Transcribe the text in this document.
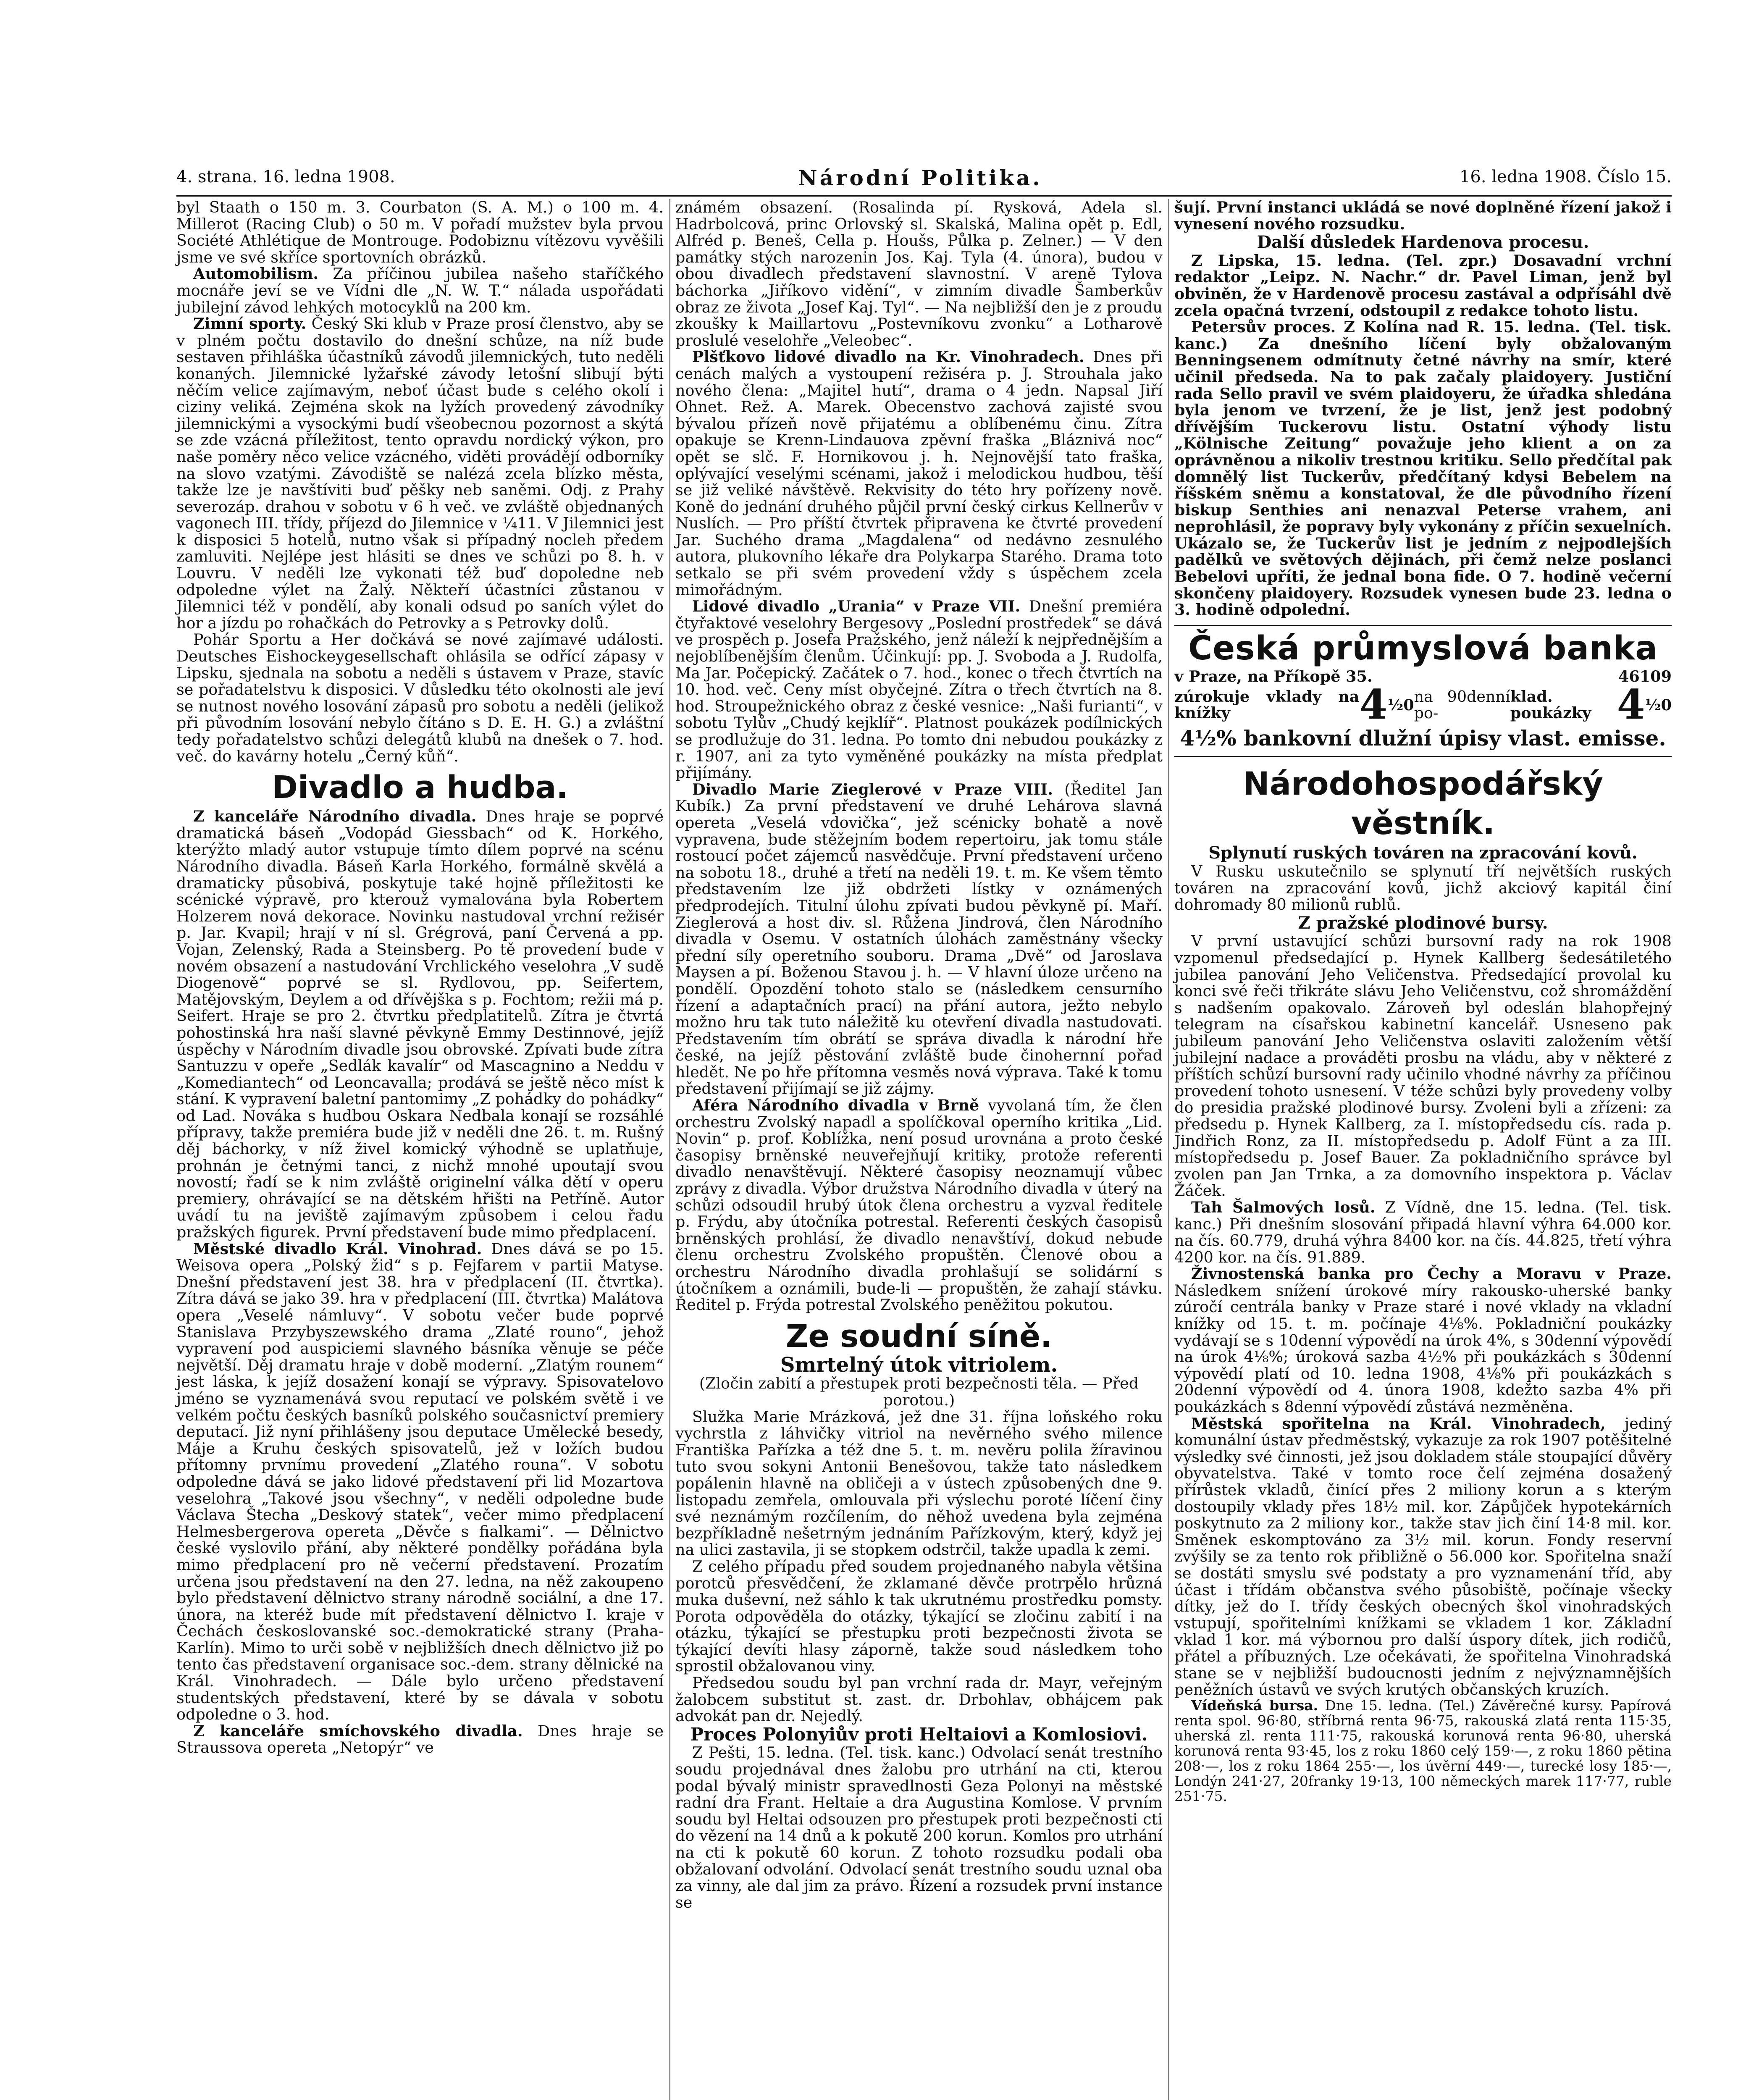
4. strana. 16. ledna 1908.	Národní Politika.	16. ledna 1908. Číslo 15.

byl Staath o 150 m. 3. Courbaton (S. A. M.) o 100 m. 4. Millerot (Racing Club) o 50 m. V pořadí mužstev byla prvou Société Athlétique de Montrouge. Podobiznu vítězovu vyvěšili jsme ve své skříce sportovních obrázků.

Automobilism. Za příčinou jubilea našeho staříčkého mocnáře jeví se ve Vídni dle „N. W. T.“ nálada uspořádati jubilejní závod lehkých motocyklů na 200 km.

Zimní sporty. Český Ski klub v Praze prosí členstvo, aby se v plném počtu dostavilo do dnešní schůze, na níž bude sestaven přihláška účastníků závodů jilemnických, tuto neděli konaných. Jilemnické lyžařské závody letošní slibují býti něčím velice zajímavým, neboť účast bude s celého okolí i ciziny veliká. Zejména skok na lyžích provedený závodníky jilemnickými a vysockými budí všeobecnou pozornost a skýtá se zde vzácná příležitost, tento opravdu nordický výkon, pro naše poměry něco velice vzácného, viděti provádějí odborníky na slovo vzatými. Závodiště se nalézá zcela blízko města, takže lze je navštíviti buď pěšky neb saněmi. Odj. z Prahy severozáp. drahou v sobotu v 6 h več. ve zvláště objednaných vagonech III. třídy, příjezd do Jilemnice v ¼11. V Jilemnici jest k disposici 5 hotelů, nutno však si případný nocleh předem zamluviti. Nejlépe jest hlásiti se dnes ve schůzi po 8. h. v Louvru. V neděli lze vykonati též buď dopoledne neb odpoledne výlet na Žalý. Někteří účastníci zůstanou v Jilemnici též v pondělí, aby konali odsud po saních výlet do hor a jízdu po rohačkách do Petrovky a s Petrovky dolů.

Pohár Sportu a Her dočkává se nové zajímavé události. Deutsches Eishockeygesellschaft ohlásila se odřící zápasy v Lipsku, sjednala na sobotu a neděli s ústavem v Praze, stavíc se pořadatelstvu k disposici. V důsledku této okolnosti ale jeví se nutnost nového losování zápasů pro sobotu a neděli (jelikož při původním losování nebylo čítáno s D. E. H. G.) a zvláštní tedy pořadatelstvo schůzi delegátů klubů na dnešek o 7. hod. več. do kavárny hotelu „Černý kůň“.

Divadlo a hudba.

Z kanceláře Národního divadla. Dnes hraje se poprvé dramatická báseň „Vodopád Giessbach“ od K. Horkého, kterýžto mladý autor vstupuje tímto dílem poprvé na scénu Národního divadla. Báseň Karla Horkého, formálně skvělá a dramaticky působivá, poskytuje také hojně příležitosti ke scénické výpravě, pro kterouž vymalována byla Robertem Holzerem nová dekorace. Novinku nastudoval vrchní režisér p. Jar. Kvapil; hrají v ní sl. Grégrová, paní Červená a pp. Vojan, Zelenský, Rada a Steinsberg. Po tě provedení bude v novém obsazení a nastudování Vrchlického veselohra „V sudě Diogenově“ poprvé se sl. Rydlovou, pp. Seifertem, Matějovským, Deylem a od dřívějška s p. Fochtom; režii má p. Seifert. Hraje se pro 2. čtvrtku předplatitelů. Zítra je čtvrtá pohostinská hra naší slavné pěvkyně Emmy Destinnové, jejíž úspěchy v Národním divadle jsou obrovské. Zpívati bude zítra Santuzzu v opeře „Sedlák kavalír“ od Mascagnino a Neddu v „Komediantech“ od Leoncavalla; prodává se ještě něco míst k stání. K vypravení baletní pantomimy „Z pohádky do pohádky“ od Lad. Nováka s hudbou Oskara Nedbala konají se rozsáhlé přípravy, takže premiéra bude již v neděli dne 26. t. m. Rušný děj báchorky, v níž živel komický výhodně se uplatňuje, prohnán je četnými tanci, z nichž mnohé upoutají svou novostí; řadí se k nim zvláště originelní válka dětí v operu premiery, ohrávající se na dětském hřišti na Petříně. Autor uvádí tu na jeviště zajímavým způsobem i celou řadu pražských figurek. První představení bude mimo předplacení.

Městské divadlo Král. Vinohrad. Dnes dává se po 15. Weisova opera „Polský žid“ s p. Fejfarem v partii Matyse. Dnešní představení jest 38. hra v předplacení (II. čtvrtka). Zítra dává se jako 39. hra v předplacení (III. čtvrtka) Malátova opera „Veselé námluvy“. V sobotu večer bude poprvé Stanislava Przybyszewského drama „Zlaté rouno“, jehož vypravení pod auspiciemi slavného básníka věnuje se péče největší. Děj dramatu hraje v době moderní. „Zlatým rounem“ jest láska, k jejíž dosažení konají se výpravy. Spisovatelovo jméno se vyznamenává svou reputací ve polském světě i ve velkém počtu českých basníků polského současnictví premiery deputací. Již nyní přihlášeny jsou deputace Umělecké besedy, Máje a Kruhu českých spisovatelů, jež v ložích budou přítomny prvnímu provedení „Zlatého rouna“. V sobotu odpoledne dává se jako lidové představení při lid Mozartova veselohra „Takové jsou všechny“, v neděli odpoledne bude Václava Štecha „Deskový statek“, večer mimo předplacení Helmesbergerova opereta „Děvče s fialkami“. — Dělnictvo české vyslovilo přání, aby některé pondělky pořádána byla mimo předplacení pro ně večerní představení. Prozatím určena jsou představení na den 27. ledna, na něž zakoupeno bylo představení dělnictvo strany národně sociální, a dne 17. února, na kteréž bude mít představení dělnictvo I. kraje v Čechách českoslovanské soc.-demokratické strany (Praha-Karlín). Mimo to urči sobě v nejbližších dnech dělnictvo již po tento čas představení organisace soc.-dem. strany dělnické na Král. Vinohradech. — Dále bylo určeno představení studentských představení, které by se dávala v sobotu odpoledne o 3. hod.

Z kanceláře smíchovského divadla. Dnes hraje se Straussova opereta „Netopýr“ ve

známém obsazení. (Rosalinda pí. Rysková, Adela sl. Hadrbolcová, princ Orlovský sl. Skalská, Malina opět p. Edl, Alfréd p. Beneš, Cella p. Houšs, Půlka p. Zelner.) — V den památky stých narozenin Jos. Kaj. Tyla (4. února), budou v obou divadlech představení slavnostní. V areně Tylova báchorka „Jiříkovo vidění“, v zimním divadle Šamberkův obraz ze života „Josef Kaj. Tyl“. — Na nejbližší den je z proudu zkoušky k Maillartovu „Postevníkovu zvonku“ a Lotharově proslulé veselohře „Veleobec“.

Plšťkovo lidové divadlo na Kr. Vinohradech. Dnes při cenách malých a vystoupení režiséra p. J. Strouhala jako nového člena: „Majitel hutí“, drama o 4 jedn. Napsal Jiří Ohnet. Rež. A. Marek. Obecenstvo zachová zajisté svou bývalou přízeň nově přijatému a oblíbenému činu. Zítra opakuje se Krenn-Lindauova zpěvní fraška „Bláznivá noc“ opět se slč. F. Hornikovou j. h. Nejnovější tato fraška, oplývající veselými scénami, jakož i melodickou hudbou, těší se již veliké návštěvě. Rekvisity do této hry pořízeny nově. Koně do jednání druhého půjčil první český cirkus Kellnerův v Nuslích. — Pro příští čtvrtek připravena ke čtvrté provedení Jar. Suchého drama „Magdalena“ od nedávno zesnulého autora, plukovního lékaře dra Polykarpa Starého. Drama toto setkalo se při svém provedení vždy s úspěchem zcela mimořádným.

Lidové divadlo „Urania“ v Praze VII. Dnešní premiéra čtyřaktové veselohry Bergesovy „Poslední prostředek“ se dává ve prospěch p. Josefa Pražského, jenž náleží k nejpřednějším a nejoblíbenějším členům. Účinkují: pp. J. Svoboda a J. Rudolfa, Ma Jar. Počepický. Začátek o 7. hod., konec o třech čtvrtích na 10. hod. več. Ceny míst obyčejné. Zítra o třech čtvrtích na 8. hod. Stroupežnického obraz z české vesnice: „Naši furianti“, v sobotu Tylův „Chudý kejklíř“. Platnost poukázek podílnických se prodlužuje do 31. ledna. Po tomto dni nebudou poukázky z r. 1907, ani za tyto vyměněné poukázky na místa předplat přijímány.

Divadlo Marie Zieglerové v Praze VIII. (Ředitel Jan Kubík.) Za první představení ve druhé Lehárova slavná opereta „Veselá vdovička“, jež scénicky bohatě a nově vypravena, bude stěžejním bodem repertoiru, jak tomu stále rostoucí počet zájemců nasvědčuje. První představení určeno na sobotu 18., druhé a třetí na neděli 19. t. m. Ke všem těmto představením lze již obdržeti lístky v oznámených předprodejích. Titulní úlohu zpívati budou pěvkyně pí. Maří. Zieglerová a host div. sl. Růžena Jindrová, člen Národního divadla v Osemu. V ostatních úlohách zaměstnány všecky přední síly operetního souboru. Drama „Dvě“ od Jaroslava Maysen a pí. Boženou Stavou j. h. — V hlavní úloze určeno na pondělí. Opozdění tohoto stalo se (následkem censurního řízení a adaptačních prací) na přání autora, ježto nebylo možno hru tak tuto náležitě ku otevření divadla nastudovati. Představením tím obrátí se správa divadla k národní hře české, na jejíž pěstování zvláště bude činohernní pořad hledět. Ne po hře přítomna vesměs nová výprava. Také k tomu představení přijímají se již zájmy.

Aféra Národního divadla v Brně vyvolaná tím, že člen orchestru Zvolský napadl a spolíčkoval operního kritika „Lid. Novin“ p. prof. Koblížka, není posud urovnána a proto české časopisy brněnské neuveřejňují kritiky, protože referenti divadlo nenavštěvují. Některé časopisy neoznamují vůbec zprávy z divadla. Výbor družstva Národního divadla v úterý na schůzi odsoudil hrubý útok člena orchestru a vyzval ředitele p. Frýdu, aby útočníka potrestal. Referenti českých časopisů brněnských prohlásí, že divadlo nenavštíví, dokud nebude členu orchestru Zvolského propuštěn. Členové obou a orchestru Národního divadla prohlašují se solidární s útočníkem a oznámili, bude-li — propuštěn, že zahají stávku. Ředitel p. Frýda potrestal Zvolského peněžitou pokutou.

Ze soudní síně.
Smrtelný útok vitriolem.

(Zločin zabití a přestupek proti bezpečnosti těla. — Před porotou.)

Služka Marie Mrázková, jež dne 31. října loňského roku vychrstla z láhvičky vitriol na nevěrného svého milence Františka Pařízka a též dne 5. t. m. nevěru polila žíravinou tuto svou sokyni Antonii Benešovou, takže tato následkem popálenin hlavně na obličeji a v ústech způsobených dne 9. listopadu zemřela, omlouvala při výslechu poroté líčení činy své neznámým rozčílením, do něhož uvedena byla zejména bezpříkladně nešetrným jednáním Pařízkovým, který, když jej na ulici zastavila, ji se stopkem odstrčil, takže upadla k zemi.

Z celého případu před soudem projednaného nabyla většina porotců přesvědčení, že zklamané děvče protrpělo hrůzná muka duševní, než sáhlo k tak ukrutnému prostředku pomsty. Porota odpověděla do otázky, týkající se zločinu zabití i na otázku, týkající se přestupku proti bezpečnosti života se týkající devíti hlasy záporně, takže soud následkem toho sprostil obžalovanou viny.

Předsedou soudu byl pan vrchní rada dr. Mayr, veřejným žalobcem substitut st. zast. dr. Drbohlav, obhájcem pak advokát pan dr. Nejedlý.

Proces Polonyiův proti Heltaiovi a Komlosiovi.

Z Pešti, 15. ledna. (Tel. tisk. kanc.) Odvolací senát trestního soudu projednával dnes žalobu pro utrhání na cti, kterou podal bývalý ministr spravedlnosti Geza Polonyi na městské radní dra Frant. Heltaie a dra Augustina Komlose. V prvním soudu byl Heltai odsouzen pro přestupek proti bezpečnosti cti do vězení na 14 dnů a k pokutě 200 korun. Komlos pro utrhání na cti k pokutě 60 korun. Z tohoto rozsudku podali oba obžalovaní odvolání. Odvolací senát trestního soudu uznal oba za vinny, ale dal jim za právo. Řízení a rozsudek první instance se

šují. První instanci ukládá se nové doplněné řízení jakož i vynesení nového rozsudku.

Další důsledek Hardenova procesu.

Z Lipska, 15. ledna. (Tel. zpr.) Dosavadní vrchní redaktor „Leipz. N. Nachr.“ dr. Pavel Liman, jenž byl obviněn, že v Hardenově procesu zastával a odpřísáhl dvě zcela opačná tvrzení, odstoupil z redakce tohoto listu.

Petersův proces. Z Kolína nad R. 15. ledna. (Tel. tisk. kanc.) Za dnešního líčení byly obžalovaným Benningsenem odmítnuty četné návrhy na smír, které učinil předseda. Na to pak začaly plaidoyery. Justiční rada Sello pravil ve svém plaidoyeru, že úřadka shledána byla jenom ve tvrzení, že je list, jenž jest podobný dřívějším Tuckerovu listu. Ostatní výhody listu „Kölnische Zeitung“ považuje jeho klient a on za oprávněnou a nikoliv trestnou kritiku. Sello předčítal pak domnělý list Tuckerův, předčítaný kdysi Bebelem na říšském sněmu a konstatoval, že dle původního řízení biskup Senthies ani nenazval Peterse vrahem, ani neprohlásil, že popravy byly vykonány z příčin sexuelních. Ukázalo se, že Tuckerův list je jedním z nejpodlejších padělků ve světových dějinách, při čemž nelze poslanci Bebelovi upříti, že jednal bona fide. O 7. hodině večerní skončeny plaidoyery. Rozsudek vynesen bude 23. ledna o 3. hodině odpolední.

Česká průmyslová banka
v Praze, na Příkopě 35.	46109
zúrokuje vklady na knížky	4 ½0 na 90denní po-
klad. poukázky 4 ½0
4½% bankovní dlužní úpisy vlast. emisse.
Národohospodářský věstník.
Splynutí ruských továren na zpracování kovů.

V Rusku uskutečnilo se splynutí tří největších ruských továren na zpracování kovů, jichž akciový kapitál činí dohromady 80 milionů rublů.

Z pražské plodinové bursy.

V první ustavující schůzi bursovní rady na rok 1908 vzpomenul předsedající p. Hynek Kallberg šedesátiletého jubilea panování Jeho Veličenstva. Předsedající provolal ku konci své řeči třikráte slávu Jeho Veličenstvu, což shromáždění s nadšením opakovalo. Zároveň byl odeslán blahopřejný telegram na císařskou kabinetní kancelář. Usneseno pak jubileum panování Jeho Veličenstva oslaviti založením větší jubilejní nadace a prováděti prosbu na vládu, aby v některé z příštích schůzí bursovní rady učinilo vhodné návrhy za příčinou provedení tohoto usnesení. V téže schůzi byly provedeny volby do presidia pražské plodinové bursy. Zvoleni byli a zřízeni: za předsedu p. Hynek Kallberg, za I. místopředsedu cís. rada p. Jindřich Ronz, za II. místopředsedu p. Adolf Fünt a za III. místopředsedu p. Josef Bauer. Za pokladničního správce byl zvolen pan Jan Trnka, a za domovního inspektora p. Václav Žáček.

Tah Šalmových losů. Z Vídně, dne 15. ledna. (Tel. tisk. kanc.) Při dnešním slosování připadá hlavní výhra 64.000 kor. na čís. 60.779, druhá výhra 8400 kor. na čís. 44.825, třetí výhra 4200 kor. na čís. 91.889.

Živnostenská banka pro Čechy a Moravu v Praze. Následkem snížení úrokové míry rakousko-uherské banky zúročí centrála banky v Praze staré i nové vklady na vkladní knížky od 15. t. m. počínaje 4⅛%. Pokladniční poukázky vydávají se s 10denní výpovědí na úrok 4%, s 30denní výpovědí na úrok 4⅛%; úroková sazba 4½% při poukázkách s 30denní výpovědí platí od 10. ledna 1908, 4⅛% při poukázkách s 20denní výpovědí od 4. února 1908, kdežto sazba 4% při poukázkách s 8denní výpovědí zůstává nezměněna.

Městská spořitelna na Král. Vinohradech, jediný komunální ústav předměstský, vykazuje za rok 1907 potěšitelné výsledky své činnosti, jež jsou dokladem stále stoupající důvěry obyvatelstva. Také v tomto roce čelí zejména dosažený přírůstek vkladů, činící přes 2 miliony korun a s kterým dostoupily vklady přes 18½ mil. kor. Zápůjček hypotekárních poskytnuto za 2 miliony kor., takže stav jich činí 14·8 mil. kor. Směnek eskomptováno za 3½ mil. korun. Fondy reservní zvýšily se za tento rok přibližně o 56.000 kor. Spořitelna snaží se dostáti smyslu své podstaty a pro vyznamenání tříd, aby účast i třídám občanstva svého působiště, počínaje všecky dítky, jež do I. třídy českých obecných škol vinohradských vstupují, spořitelními knížkami se vkladem 1 kor. Základní vklad 1 kor. má výbornou pro další úspory dítek, jich rodičů, přátel a příbuzných. Lze očekávati, že spořitelna Vinohradská stane se v nejbližší budoucnosti jedním z nejvýznamnějších peněžních ústavů ve svých krutých občanských kruzích.

Vídeňská bursa. Dne 15. ledna. (Tel.) Závěrečné kursy. Papírová renta spol. 96·80, stříbrná renta 96·75, rakouská zlatá renta 115·35, uherská zl. renta 111·75, rakouská korunová renta 96·80, uherská korunová renta 93·45, los z roku 1860 celý 159·—, z roku 1860 pětina 208·—, los z roku 1864 255·—, los úvěrní 449·—, turecké losy 185·—, Londýn 241·27, 20franky 19·13, 100 německých marek 117·77, ruble 251·75.
